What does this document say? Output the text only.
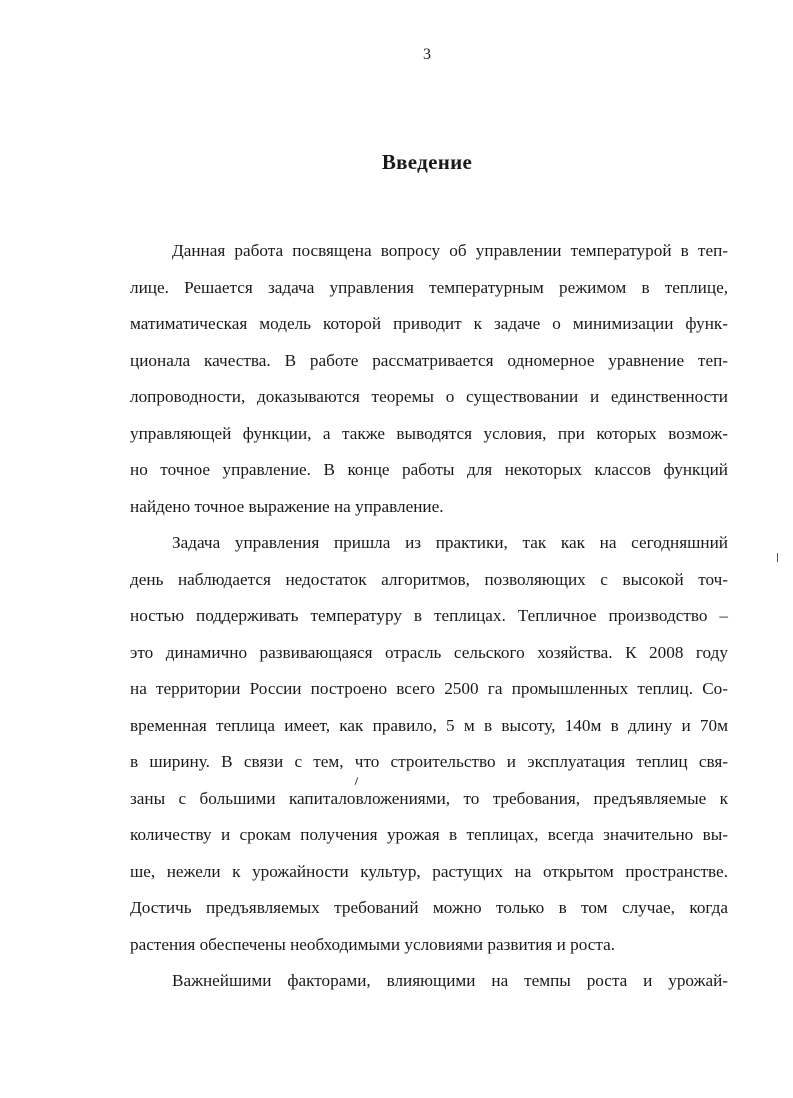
3
Введение
Данная работа посвящена вопросу об управлении температурой в теп-
лице. Решается задача управления температурным режимом в теплице,
матиматическая модель которой приводит к задаче о минимизации функ-
ционала качества. В работе рассматривается одномерное уравнение теп-
лопроводности, доказываются теоремы о существовании и единственности
управляющей функции, а также выводятся условия, при которых возмож-
но точное управление. В конце работы для некоторых классов функций
найдено точное выражение на управление.
Задача управления пришла из практики, так как на сегодняшний
день наблюдается недостаток алгоритмов, позволяющих с высокой точ-
ностью поддерживать температуру в теплицах. Тепличное производство –
это динамично развивающаяся отрасль сельского хозяйства. К 2008 году
на территории России построено всего 2500 га промышленных теплиц. Со-
временная теплица имеет, как правило, 5 м в высоту, 140м в длину и 70м
в ширину. В связи с тем, что строительство и эксплуатация теплиц свя-
заны с большими капиталовложениями, то требования, предъявляемые к
количеству и срокам получения урожая в теплицах, всегда значительно вы-
ше, нежели к урожайности культур, растущих на открытом пространстве.
Достичь предъявляемых требований можно только в том случае, когда
растения обеспечены необходимыми условиями развития и роста.
Важнейшими факторами, влияющими на темпы роста и урожай-
